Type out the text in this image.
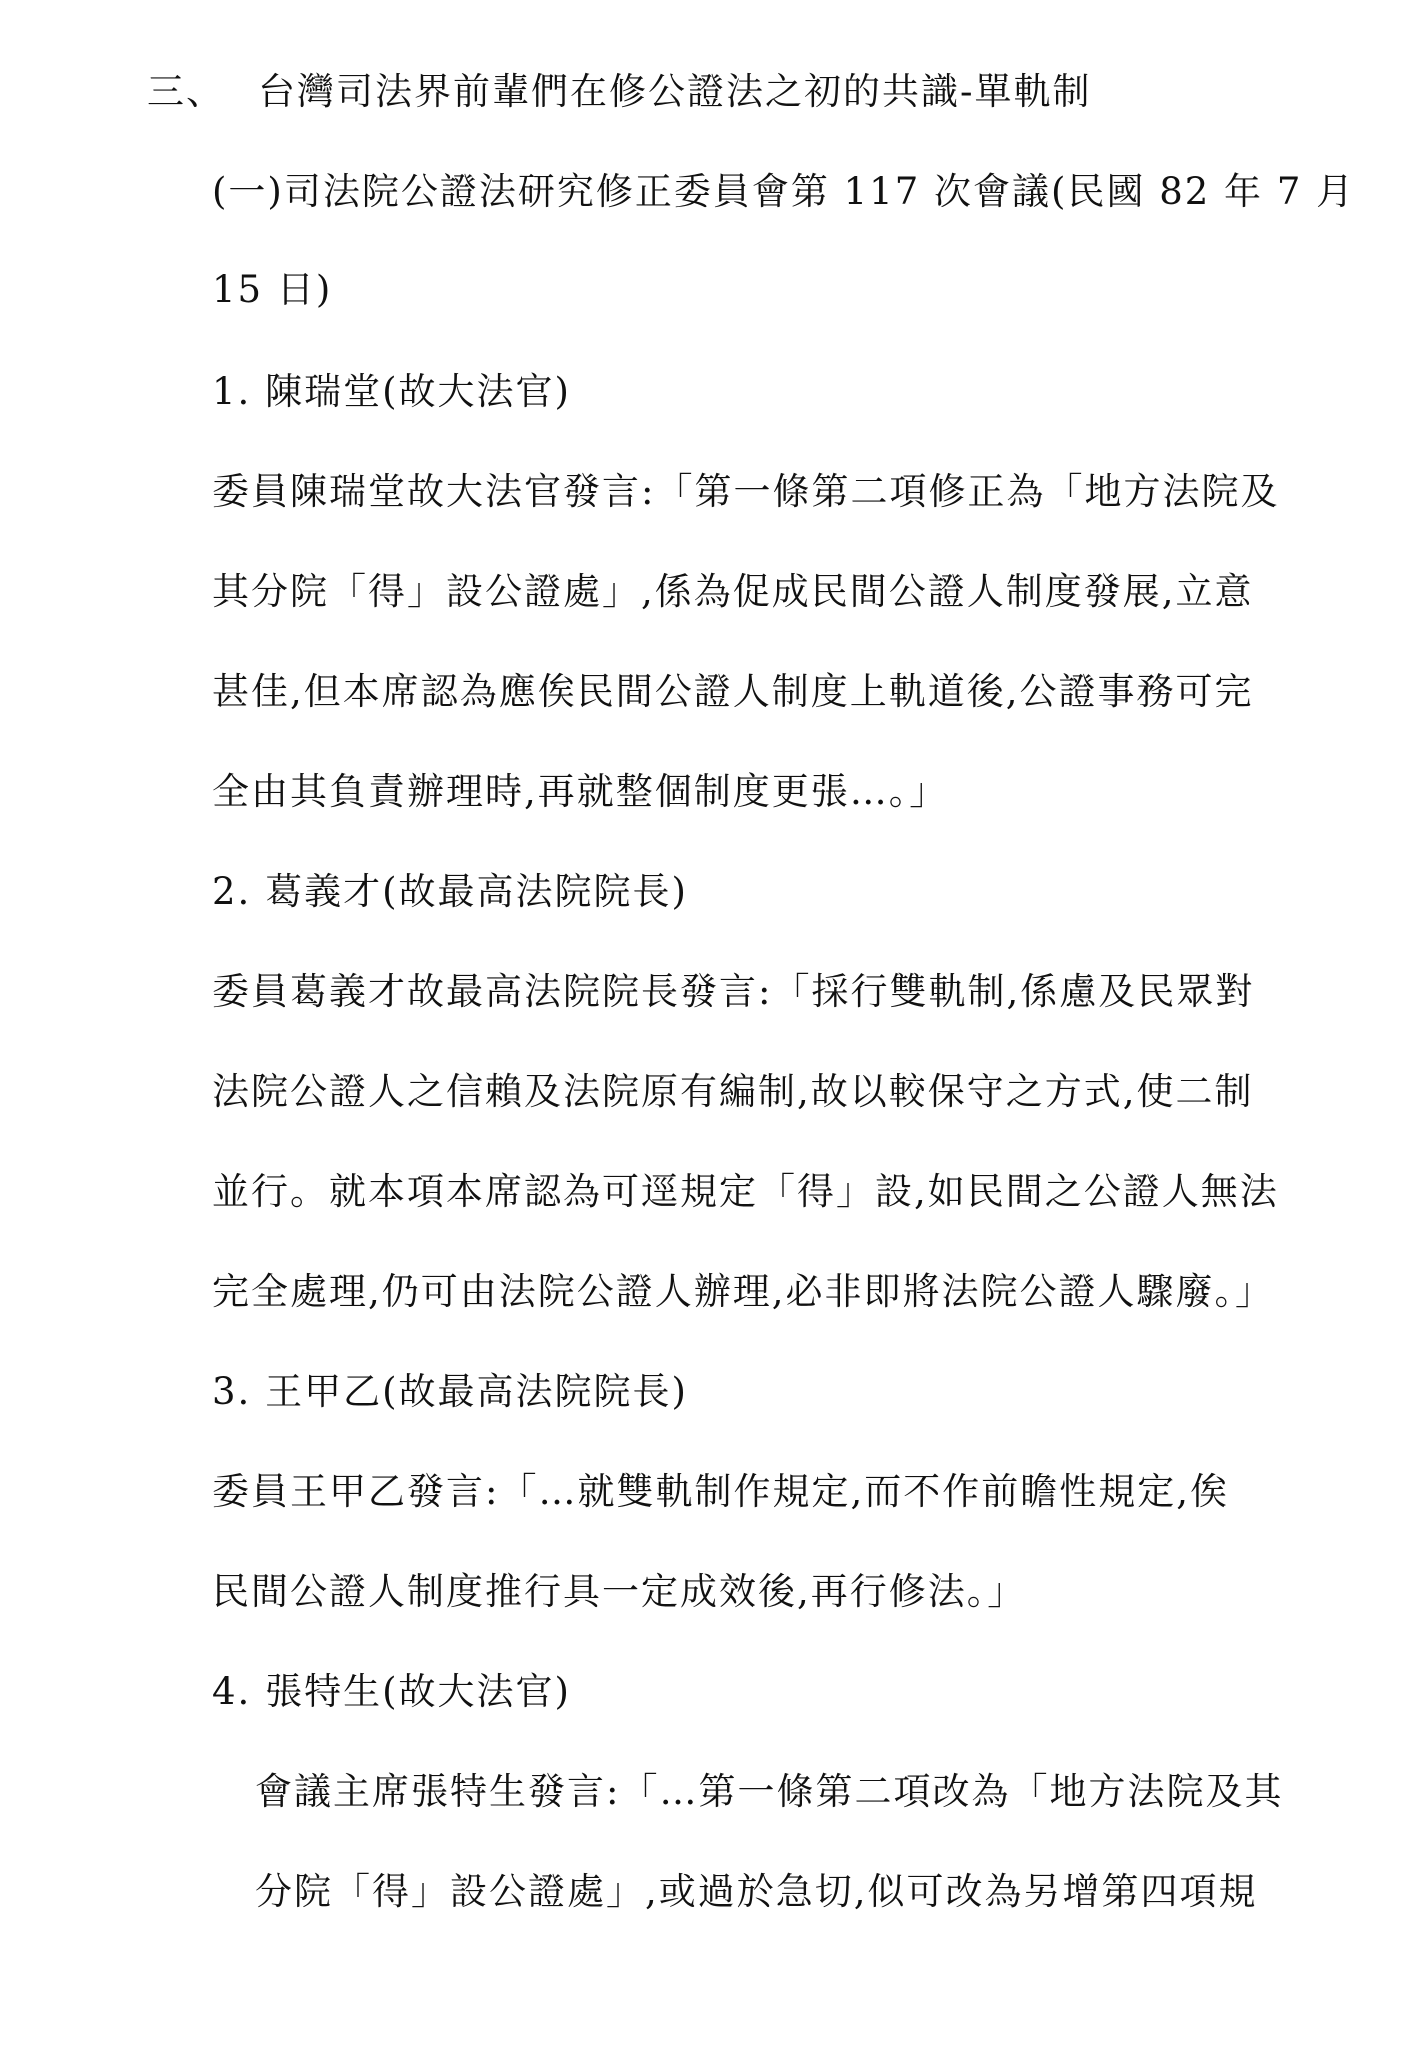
三、 台灣司法界前輩們在修公證法之初的共識-單軌制
(一)司法院公證法研究修正委員會第 117 次會議(民國 82 年 7 月
15 日)
1. 陳瑞堂(故大法官)
委員陳瑞堂故大法官發言:「第一條第二項修正為「地方法院及
其分院「得」設公證處」,係為促成民間公證人制度發展,立意
甚佳,但本席認為應俟民間公證人制度上軌道後,公證事務可完
全由其負責辦理時,再就整個制度更張…。」
2. 葛義才(故最高法院院長)
委員葛義才故最高法院院長發言:「採行雙軌制,係慮及民眾對
法院公證人之信賴及法院原有編制,故以較保守之方式,使二制
並行。就本項本席認為可逕規定「得」設,如民間之公證人無法
完全處理,仍可由法院公證人辦理,必非即將法院公證人驟廢。」
3. 王甲乙(故最高法院院長)
委員王甲乙發言:「…就雙軌制作規定,而不作前瞻性規定,俟
民間公證人制度推行具一定成效後,再行修法。」
4. 張特生(故大法官)
會議主席張特生發言:「…第一條第二項改為「地方法院及其
分院「得」設公證處」,或過於急切,似可改為另增第四項規
